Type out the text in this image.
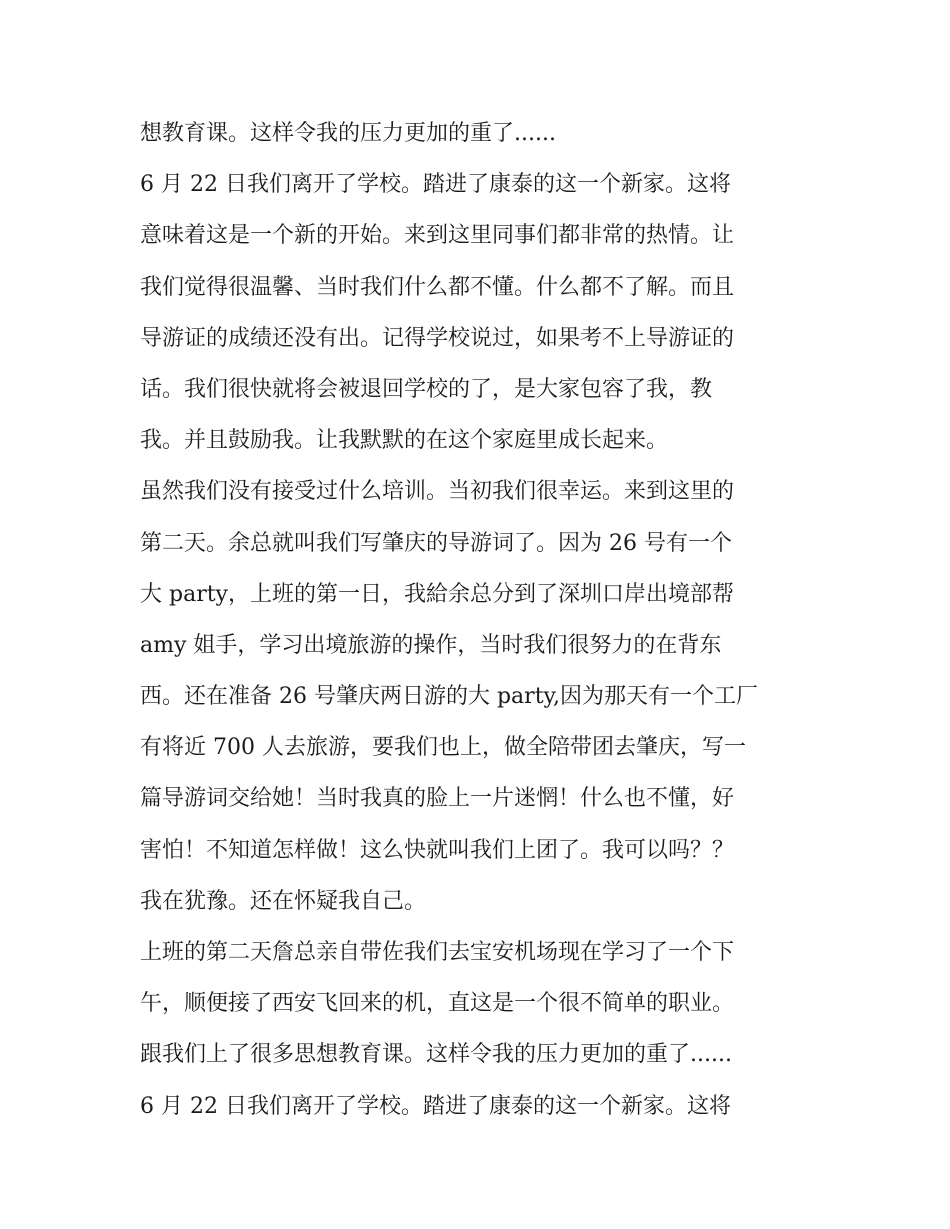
想教育课。这样令我的压力更加的重了......
6 月 22 日我们离开了学校。踏进了康泰的这一个新家。这将
意味着这是一个新的开始。来到这里同事们都非常的热情。让
我们觉得很温馨、当时我们什么都不懂。什么都不了解。而且
导游证的成绩还没有出。记得学校说过，如果考不上导游证的
话。我们很快就将会被退回学校的了，是大家包容了我，教
我。并且鼓励我。让我默默的在这个家庭里成长起来。
虽然我们没有接受过什么培训。当初我们很幸运。来到这里的
第二天。余总就叫我们写肇庆的导游词了。因为 26 号有一个
大 party，上班的第一日，我給余总分到了深圳口岸出境部帮
amy 姐手，学习出境旅游的操作，当时我们很努力的在背东
西。还在准备 26 号肇庆两日游的大 party,因为那天有一个工厂
有将近 700 人去旅游，要我们也上，做全陪带团去肇庆，写一
篇导游词交给她！当时我真的脸上一片迷惘！什么也不懂，好
害怕！不知道怎样做！这么快就叫我们上团了。我可以吗？？
我在犹豫。还在怀疑我自己。
上班的第二天詹总亲自带佐我们去宝安机场现在学习了一个下
午，顺便接了西安飞回来的机，直这是一个很不简单的职业。
跟我们上了很多思想教育课。这样令我的压力更加的重了......
6 月 22 日我们离开了学校。踏进了康泰的这一个新家。这将
